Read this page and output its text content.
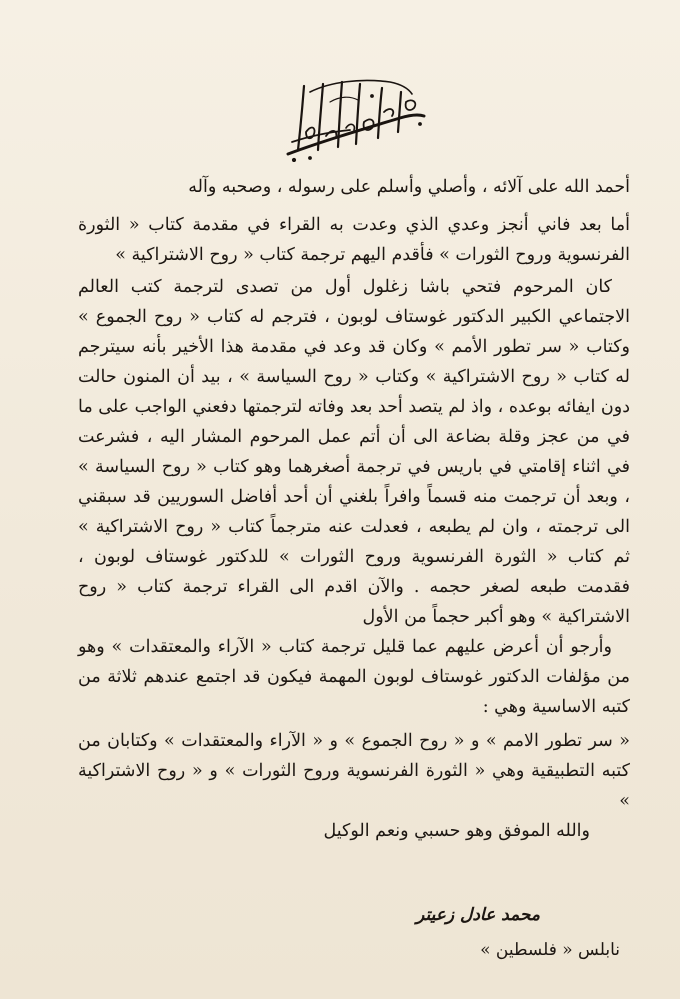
أحمد الله على آلائه ، وأصلي وأسلم على رسوله ، وصحبه وآله

أما بعد فاني أنجز وعدي الذي وعدت به القراء في مقدمة كتاب « الثورة الفرنسوية وروح الثورات » فأقدم اليهم ترجمة كتاب « روح الاشتراكية »

كان المرحوم فتحي باشا زغلول أول من تصدى لترجمة كتب العالم الاجتماعي الكبير الدكتور غوستاف لوبون ، فترجم له كتاب « روح الجموع » وكتاب « سر تطور الأمم » وكان قد وعد في مقدمة هذا الأخير بأنه سيترجم له كتاب « روح الاشتراكية » وكتاب « روح السياسة » ، بيد أن المنون حالت دون ايفائه بوعده ، واذ لم يتصد أحد بعد وفاته لترجمتها دفعني الواجب على ما في من عجز وقلة بضاعة الى أن أتم عمل المرحوم المشار اليه ، فشرعت في اثناء إقامتي في باريس في ترجمة أصغرهما وهو كتاب « روح السياسة » ، وبعد أن ترجمت منه قسماً وافراً بلغني أن أحد أفاضل السوريين قد سبقني الى ترجمته ، وان لم يطبعه ، فعدلت عنه مترجماً كتاب « روح الاشتراكية » ثم كتاب « الثورة الفرنسوية وروح الثورات » للدكتور غوستاف لوبون ، فقدمت طبعه لصغر حجمه . والآن اقدم الى القراء ترجمة كتاب « روح الاشتراكية » وهو أكبر حجماً من الأول

وأرجو أن أعرض عليهم عما قليل ترجمة كتاب « الآراء والمعتقدات » وهو من مؤلفات الدكتور غوستاف لوبون المهمة فيكون قد اجتمع عندهم ثلاثة من كتبه الاساسية وهي :

« سر تطور الامم » و « روح الجموع » و « الآراء والمعتقدات » وكتابان من كتبه التطبيقية وهي « الثورة الفرنسوية وروح الثورات » و « روح الاشتراكية »

والله الموفق وهو حسبي ونعم الوكيل

محمد عادل زعيتر
نابلس « فلسطين »
